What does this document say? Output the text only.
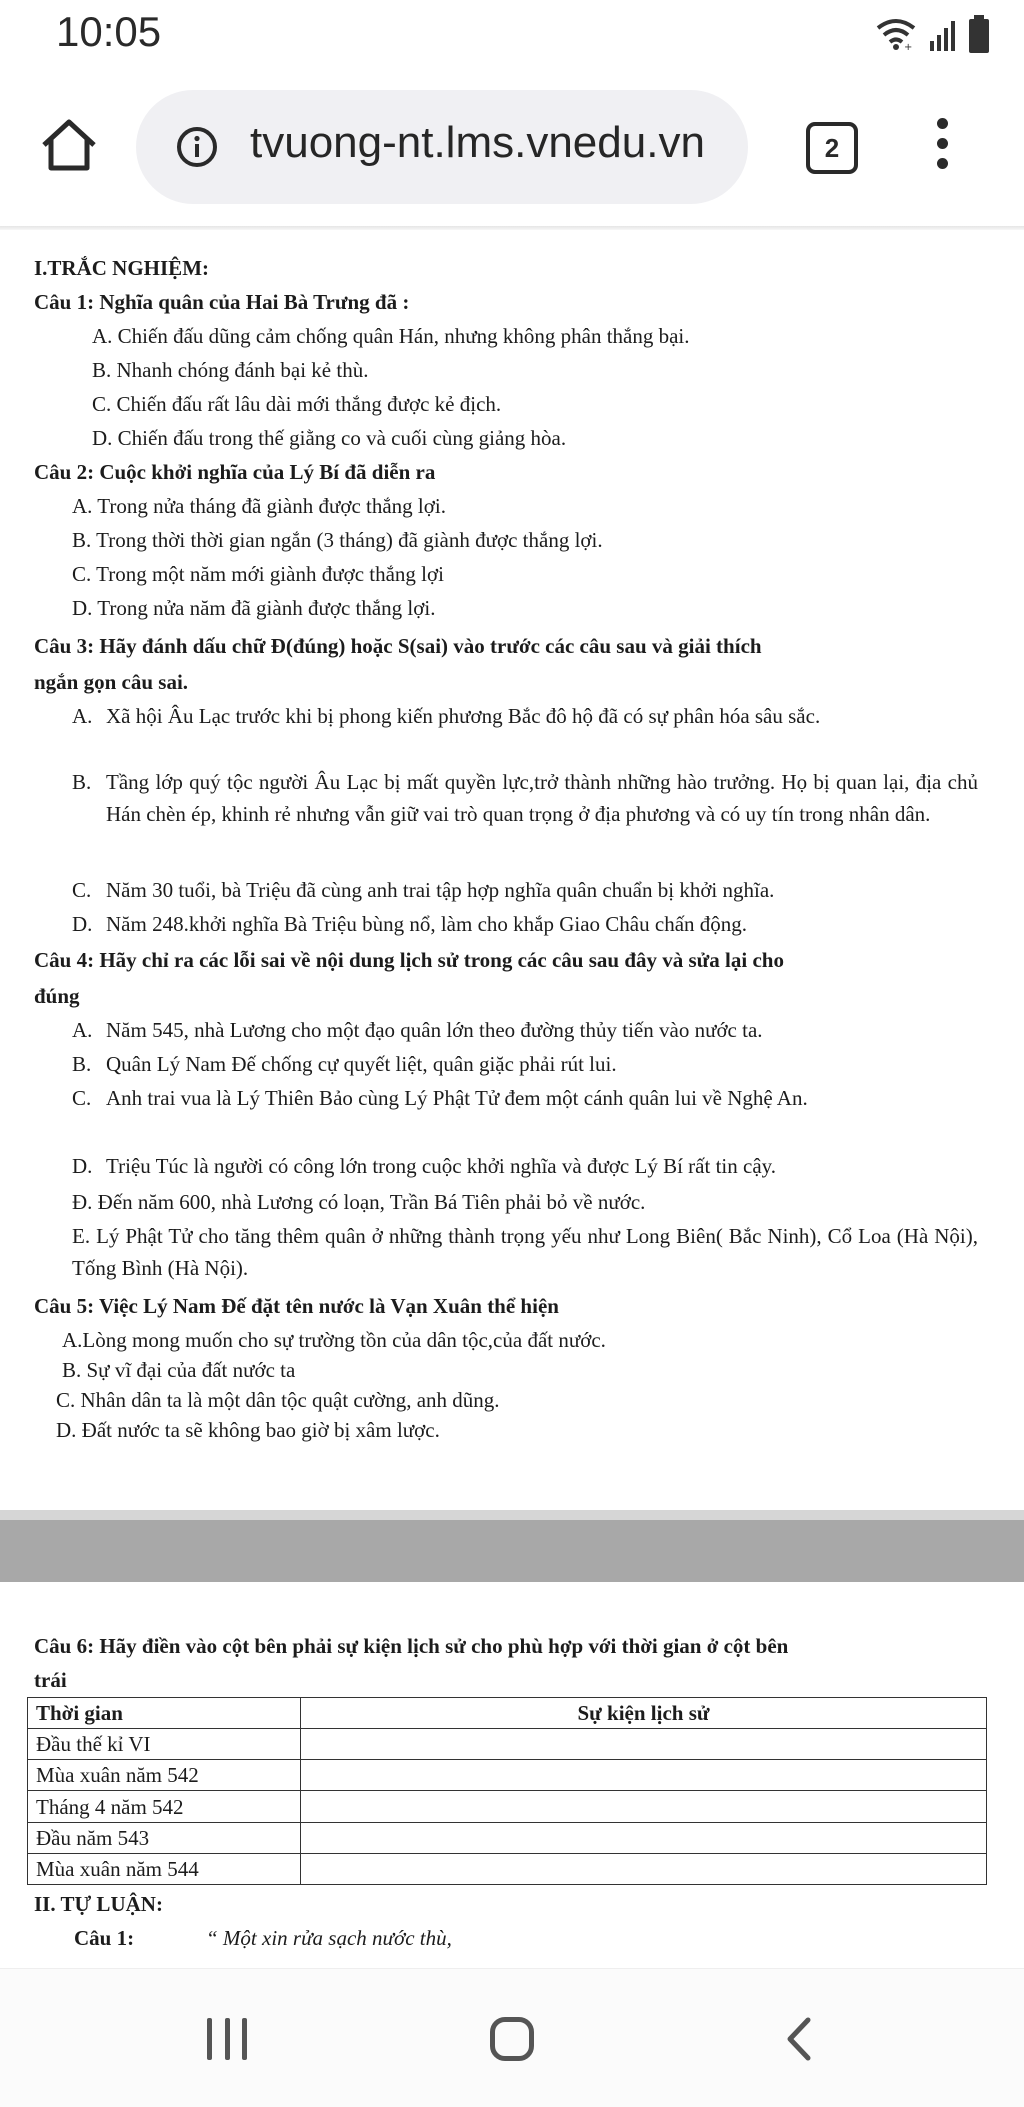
10:05	+
tvuong-nt.lms.vnedu.vn	2
I.TRẮC NGHIỆM:
Câu 1: Nghĩa quân của Hai Bà Trưng đã :
A. Chiến đấu dũng cảm chống quân Hán, nhưng không phân thắng bại.
B. Nhanh chóng đánh bại kẻ thù.
C. Chiến đấu rất lâu dài mới thắng được kẻ địch.
D. Chiến đấu trong thế giằng co và cuối cùng giảng hòa.
Câu 2: Cuộc khởi nghĩa của Lý Bí đã diễn ra
A. Trong nửa tháng đã giành được thắng lợi.
B. Trong thời thời gian ngắn (3 tháng) đã giành được thắng lợi.
C. Trong một năm mới giành được thắng lợi
D. Trong nửa năm đã giành được thắng lợi.
Câu 3: Hãy đánh dấu chữ Đ(đúng) hoặc S(sai) vào trước các câu sau và giải thích
ngắn gọn câu sai.
A. Xã hội Âu Lạc trước khi bị phong kiến phương Bắc đô hộ đã có sự phân hóa sâu sắc.
B. Tầng lớp quý tộc người Âu Lạc bị mất quyền lực,trở thành những hào trưởng. Họ bị quan lại, địa chủ Hán chèn ép, khinh rẻ nhưng vẫn giữ vai trò quan trọng ở địa phương và có uy tín trong nhân dân.
C. Năm 30 tuổi, bà Triệu đã cùng anh trai tập hợp nghĩa quân chuẩn bị khởi nghĩa.
D. Năm 248.khởi nghĩa Bà Triệu bùng nổ, làm cho khắp Giao Châu chấn động.
Câu 4: Hãy chỉ ra các lỗi sai về nội dung lịch sử trong các câu sau đây và sửa lại cho
đúng
A. Năm 545, nhà Lương cho một đạo quân lớn theo đường thủy tiến vào nước ta.
B. Quân Lý Nam Đế chống cự quyết liệt, quân giặc phải rút lui.
C. Anh trai vua là Lý Thiên Bảo cùng Lý Phật Tử đem một cánh quân lui về Nghệ An.
D. Triệu Túc là người có công lớn trong cuộc khởi nghĩa và được Lý Bí rất tin cậy.
Đ. Đến năm 600, nhà Lương có loạn, Trần Bá Tiên phải bỏ về nước.
E. Lý Phật Tử cho tăng thêm quân ở những thành trọng yếu như Long Biên( Bắc Ninh), Cổ Loa (Hà Nội), Tống Bình (Hà Nội).
Câu 5: Việc Lý Nam Đế đặt tên nước là Vạn Xuân thể hiện
A.Lòng mong muốn cho sự trường tồn của dân tộc,của đất nước.
B. Sự vĩ đại của đất nước ta
C. Nhân dân ta là một dân tộc quật cường, anh dũng.
D. Đất nước ta sẽ không bao giờ bị xâm lược.
Câu 6: Hãy điền vào cột bên phải sự kiện lịch sử cho phù hợp với thời gian ở cột bên
trái
Thời gian	Sự kiện lịch sử
Đầu thế kỉ VI	
Mùa xuân năm 542	
Tháng 4 năm 542	
Đầu năm 543	
Mùa xuân năm 544	
II. TỰ LUẬN:
Câu 1:	“ Một xin rửa sạch nước thù,
